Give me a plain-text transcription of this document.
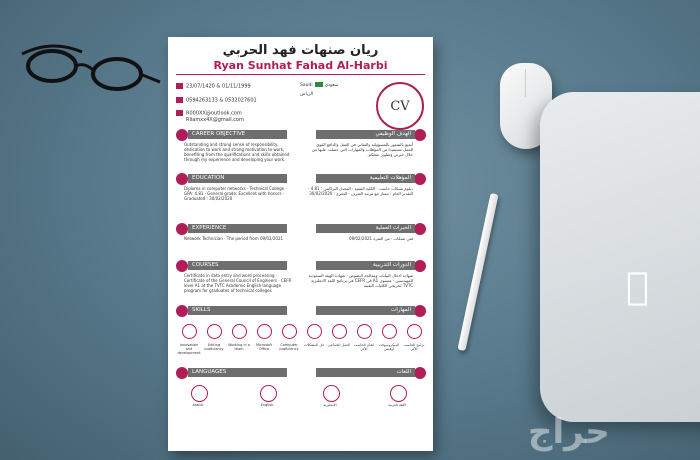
حراج
ريان صنهات فهد الحربي
Ryan Sunhat Fahad Al-Harbi
23/07/1420 & 01/11/1999
0594263133 & 0532027601
R000XX@outlook.com
Rliamxx4X@gmail.com
Saudi	سعودي
الرياض
CV
CAREER OBJECTIVE
Outstanding and strong sense of responsibility, dedication to work and strong motivation to work, benefiting from the qualifications and skills obtained through my experience and developing your work.
الهدف الوظيفي
أتمتع بالشعور بالمسؤولية والتفاني في العمل والدافع القوي للعمل مستفيدا من المؤهلات والمهارات التي حصلت عليها من خلال خبرتي وتطوير عملكم.
EDUCATION
Diploma in computer networks · Technical College · GPA: 4.81 · General grade: Excellent with honors · Graduated : 30/02/2020
المؤهلات التعليمية
دبلوم شبكات حاسب · الكلية التقنية · المعدل التراكمي : 4.81 · التقدير العام : ممتاز مع مرتبة الشرف · التخرج : 30/02/2020
EXPERIENCE
Network Technician · The period from 09/02/2021
الخبرات العملية
فني شبكات · من الفترة 09/02/2021
COURSES
Certificate in data entry and word processing · Certificate of the General Council of Engineers · CEFR level A1 at the TVTC Academic English language program for graduates of technical colleges
الدورات التدريبية
شهادة ادخال البيانات ومعالجة النصوص · شهادة الهيئة السعودية للمهندسين · مستوى A1 في CEFR في برنامج اللغة الانجليزية TVTC لخريجي الكليات التقنية
SKILLS	المهارات
Innovation and development
Editing proficiency
Working in a team
Microsoft Office
Computer proficiency
حل المشكلات	العمل الجماعي	اتقان الحاسب الآلي
الميكروسوفت أوفيس
برامج الحاسب الآلي
LANGUAGES	اللغات
Arabic	English	الانجليزية	اللغة العربية
